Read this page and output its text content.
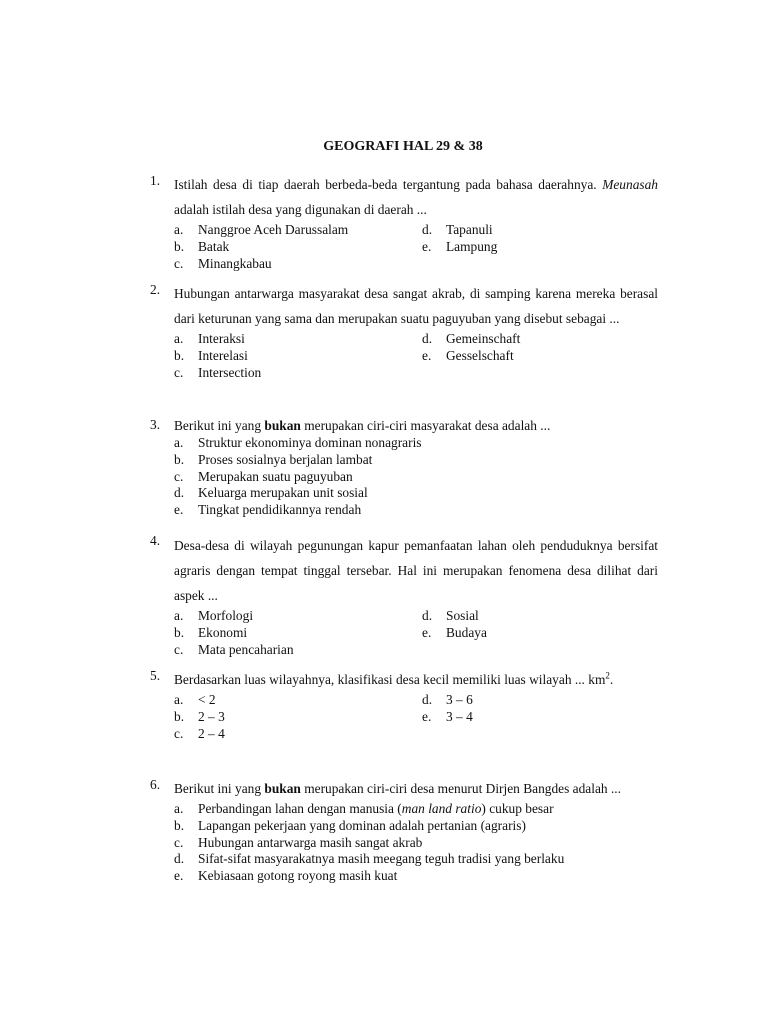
GEOGRAFI HAL 29 & 38
1. Istilah desa di tiap daerah berbeda-beda tergantung pada bahasa daerahnya. Meunasah adalah istilah desa yang digunakan di daerah ...
a. Nanggroe Aceh Darussalam	d. Tapanuli
b. Batak	e. Lampung
c. Minangkabau
2. Hubungan antarwarga masyarakat desa sangat akrab, di samping karena mereka berasal dari keturunan yang sama dan merupakan suatu paguyuban yang disebut sebagai ...
a. Interaksi	d. Gemeinschaft
b. Interelasi	e. Gesselschaft
c. Intersection
3. Berikut ini yang bukan merupakan ciri-ciri masyarakat desa adalah ...
a. Struktur ekonominya dominan nonagraris
b. Proses sosialnya berjalan lambat
c. Merupakan suatu paguyuban
d. Keluarga merupakan unit sosial
e. Tingkat pendidikannya rendah
4. Desa-desa di wilayah pegunungan kapur pemanfaatan lahan oleh penduduknya bersifat agraris dengan tempat tinggal tersebar. Hal ini merupakan fenomena desa dilihat dari aspek ...
a. Morfologi	d. Sosial
b. Ekonomi	e. Budaya
c. Mata pencaharian
5. Berdasarkan luas wilayahnya, klasifikasi desa kecil memiliki luas wilayah ... $km^2$.
a. < 2	d. 3 – 6
b. 2 – 3	e. 3 – 4
c. 2 – 4
6. Berikut ini yang bukan merupakan ciri-ciri desa menurut Dirjen Bangdes adalah ...
a. Perbandingan lahan dengan manusia (man land ratio) cukup besar
b. Lapangan pekerjaan yang dominan adalah pertanian (agraris)
c. Hubungan antarwarga masih sangat akrab
d. Sifat-sifat masyarakatnya masih meegang teguh tradisi yang berlaku
e. Kebiasaan gotong royong masih kuat
